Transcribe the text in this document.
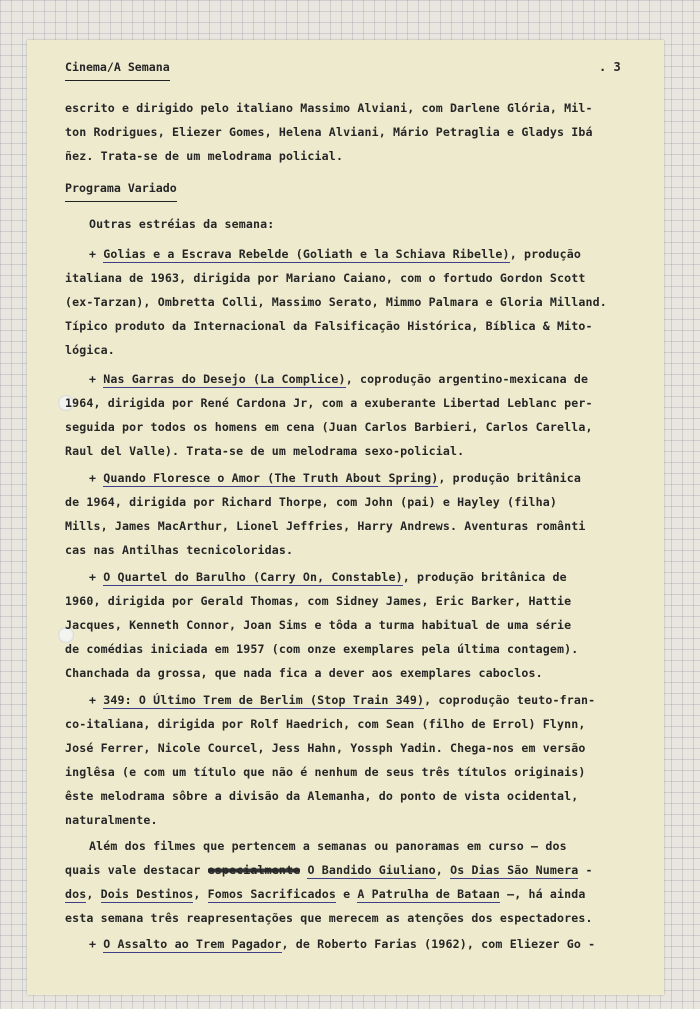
Cinema/A Semana	. 3
escrito e dirigido pelo italiano Massimo Alviani, com Darlene Glória, Mil-
ton Rodrigues, Eliezer Gomes, Helena Alviani, Mário Petraglia e Gladys Ibá
ñez. Trata-se de um melodrama policial.
Programa Variado
Outras estréias da semana:
+ Golias e a Escrava Rebelde (Goliath e la Schiava Ribelle), produção
italiana de 1963, dirigida por Mariano Caiano, com o fortudo Gordon Scott
(ex-Tarzan), Ombretta Colli, Massimo Serato, Mimmo Palmara e Gloria Milland.
Típico produto da Internacional da Falsificação Histórica, Bíblica & Mito-
lógica.
+ Nas Garras do Desejo (La Complice), coprodução argentino-mexicana de
1964, dirigida por René Cardona Jr, com a exuberante Libertad Leblanc per-
seguida por todos os homens em cena (Juan Carlos Barbieri, Carlos Carella,
Raul del Valle). Trata-se de um melodrama sexo-policial.
+ Quando Floresce o Amor (The Truth About Spring), produção britânica
de 1964, dirigida por Richard Thorpe, com John (pai) e Hayley (filha)
Mills, James MacArthur, Lionel Jeffries, Harry Andrews. Aventuras românti
cas nas Antilhas tecnicoloridas.
+ O Quartel do Barulho (Carry On, Constable), produção britânica de
1960, dirigida por Gerald Thomas, com Sidney James, Eric Barker, Hattie
Jacques, Kenneth Connor, Joan Sims e tôda a turma habitual de uma série
de comédias iniciada em 1957 (com onze exemplares pela última contagem).
Chanchada da grossa, que nada fica a dever aos exemplares caboclos.
+ 349: O Último Trem de Berlim (Stop Train 349), coprodução teuto-fran-
co-italiana, dirigida por Rolf Haedrich, com Sean (filho de Errol) Flynn,
José Ferrer, Nicole Courcel, Jess Hahn, Yossph Yadin. Chega-nos em versão
inglêsa (e com um título que não é nenhum de seus três títulos originais)
êste melodrama sôbre a divisão da Alemanha, do ponto de vista ocidental,
naturalmente.
Além dos filmes que pertencem a semanas ou panoramas em curso — dos
quais vale destacar especialmente O Bandido Giuliano, Os Dias São Numera -
dos, Dois Destinos, Fomos Sacrificados e A Patrulha de Bataan —, há ainda
esta semana três reapresentações que merecem as atenções dos espectadores.
+ O Assalto ao Trem Pagador, de Roberto Farias (1962), com Eliezer Go -
